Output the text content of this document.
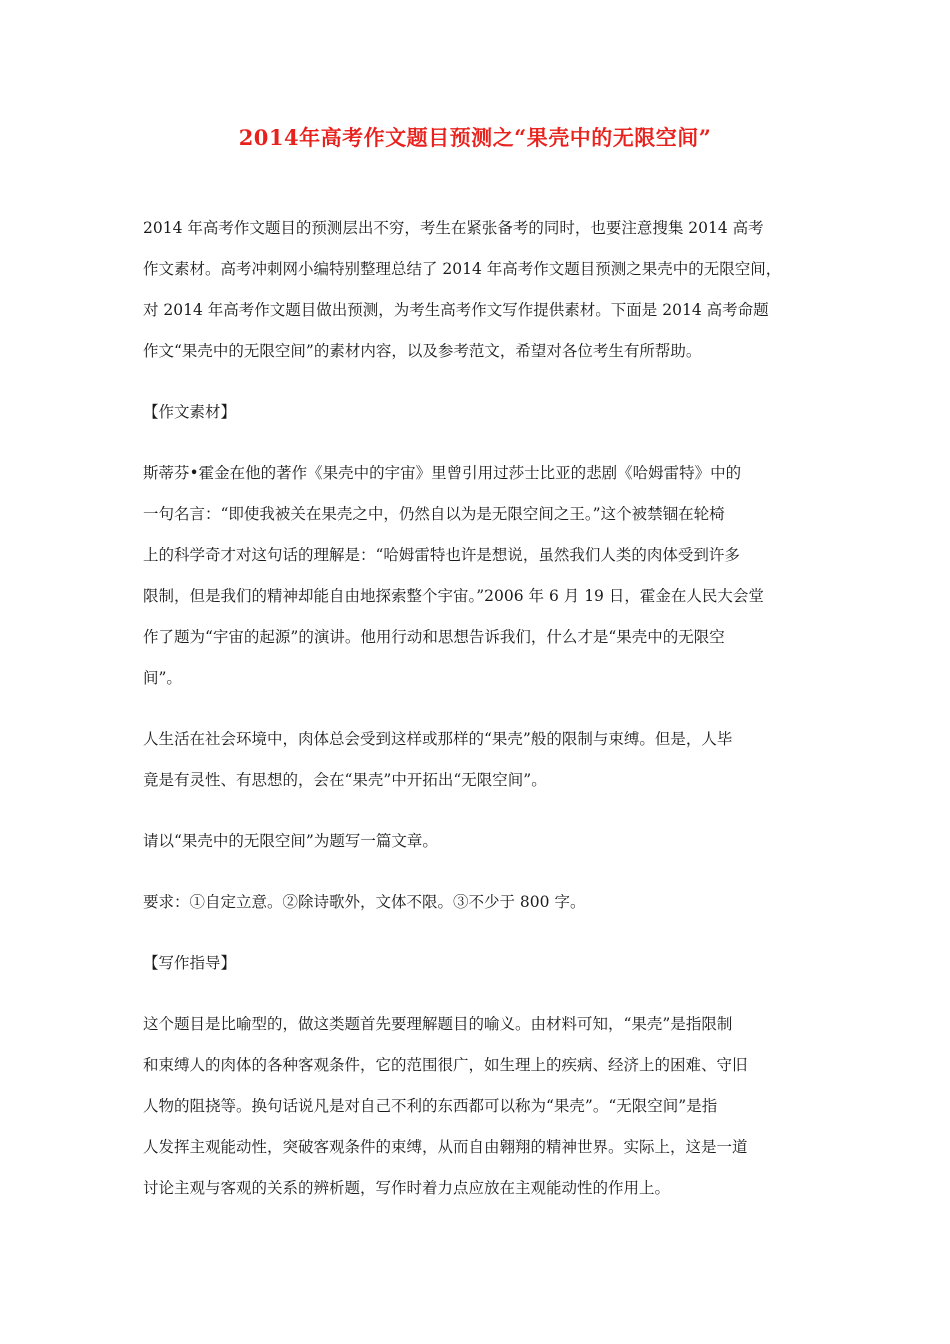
2014年高考作文题目预测之“果壳中的无限空间”

2014 年高考作文题目的预测层出不穷，考生在紧张备考的同时，也要注意搜集 2014 高考
作文素材。高考冲刺网小编特别整理总结了 2014 年高考作文题目预测之果壳中的无限空间，
对 2014 年高考作文题目做出预测，为考生高考作文写作提供素材。下面是 2014 高考命题
作文“果壳中的无限空间”的素材内容，以及参考范文，希望对各位考生有所帮助。

【作文素材】

斯蒂芬•霍金在他的著作《果壳中的宇宙》里曾引用过莎士比亚的悲剧《哈姆雷特》中的
一句名言：“即使我被关在果壳之中，仍然自以为是无限空间之王。”这个被禁锢在轮椅
上的科学奇才对这句话的理解是：“哈姆雷特也许是想说，虽然我们人类的肉体受到许多
限制，但是我们的精神却能自由地探索整个宇宙。”2006 年 6 月 19 日，霍金在人民大会堂
作了题为“宇宙的起源”的演讲。他用行动和思想告诉我们，什么才是“果壳中的无限空
间”。

人生活在社会环境中，肉体总会受到这样或那样的“果壳”般的限制与束缚。但是，人毕
竟是有灵性、有思想的，会在“果壳”中开拓出“无限空间”。

请以“果壳中的无限空间”为题写一篇文章。

要求：①自定立意。②除诗歌外，文体不限。③不少于 800 字。

【写作指导】

这个题目是比喻型的，做这类题首先要理解题目的喻义。由材料可知，“果壳”是指限制
和束缚人的肉体的各种客观条件，它的范围很广，如生理上的疾病、经济上的困难、守旧
人物的阻挠等。换句话说凡是对自己不利的东西都可以称为“果壳”。“无限空间”是指
人发挥主观能动性，突破客观条件的束缚，从而自由翱翔的精神世界。实际上，这是一道
讨论主观与客观的关系的辨析题，写作时着力点应放在主观能动性的作用上。
